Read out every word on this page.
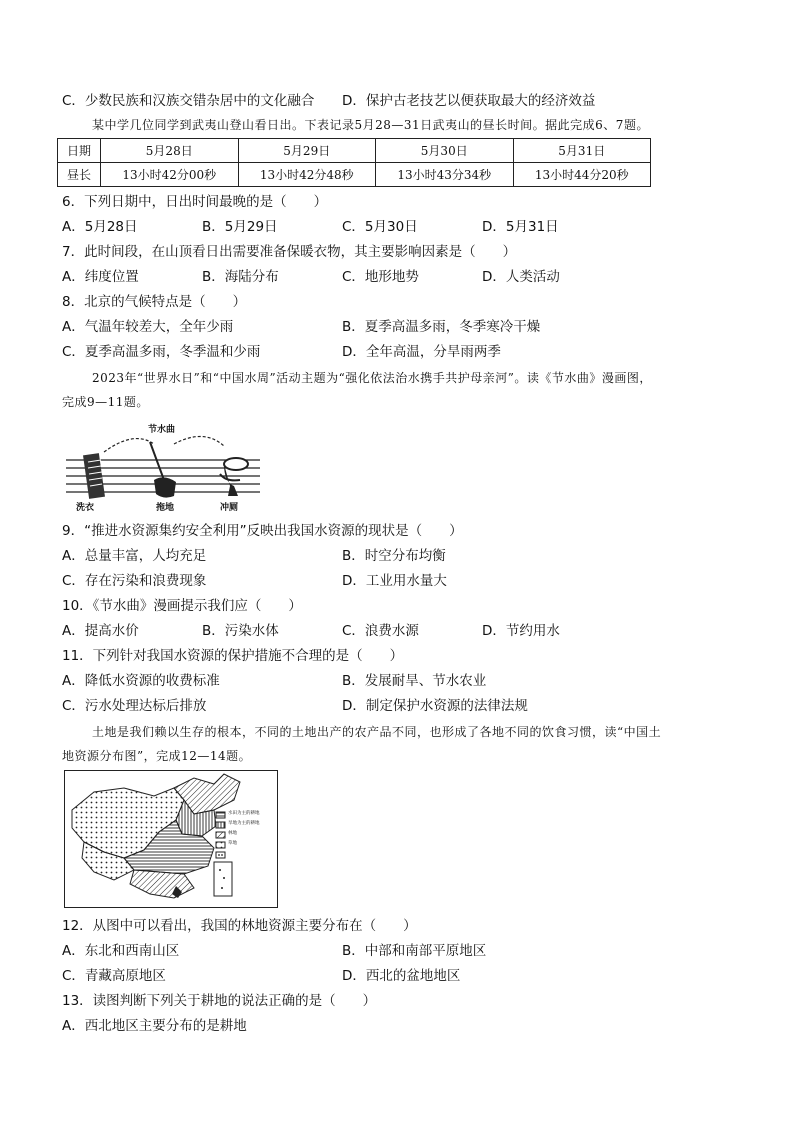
C．少数民族和汉族交错杂居中的文化融合 D．保护古老技艺以便获取最大的经济效益
某中学几位同学到武夷山登山看日出。下表记录5月28—31日武夷山的昼长时间。据此完成6、7题。
日期	5月28日	5月29日	5月30日	5月31日
昼长	13小时42分00秒	13小时42分48秒	13小时43分34秒	13小时44分20秒
6．下列日期中，日出时间最晚的是（　　）
A．5月28日	B．5月29日	C．5月30日	D．5月31日
7．此时间段，在山顶看日出需要准备保暖衣物，其主要影响因素是（　　）
A．纬度位置	B．海陆分布	C．地形地势	D．人类活动
8．北京的气候特点是（　　）
A．气温年较差大，全年少雨	B．夏季高温多雨，冬季寒冷干燥
C．夏季高温多雨，冬季温和少雨	D．全年高温，分旱雨两季
2023年“世界水日”和“中国水周”活动主题为“强化依法治水携手共护母亲河”。读《节水曲》漫画图，
完成9—11题。
节水曲
洗衣	拖地	冲厕
9．“推进水资源集约安全利用”反映出我国水资源的现状是（　　）
A．总量丰富，人均充足	B．时空分布均衡
C．存在污染和浪费现象	D．工业用水量大
10．《节水曲》漫画提示我们应（　　）
A．提高水价	B．污染水体	C．浪费水源	D．节约用水
11．下列针对我国水资源的保护措施不合理的是（　　）
A．降低水资源的收费标准	B．发展耐旱、节水农业
C．污水处理达标后排放	D．制定保护水资源的法律法规
土地是我们赖以生存的根本，不同的土地出产的农产品不同，也形成了各地不同的饮食习惯，读“中国土
地资源分布图”，完成12—14题。
水田为主的耕地
旱地为主的耕地
林地
草地
12．从图中可以看出，我国的林地资源主要分布在（　　）
A．东北和西南山区	B．中部和南部平原地区
C．青藏高原地区	D．西北的盆地地区
13．读图判断下列关于耕地的说法正确的是（　　）
A．西北地区主要分布的是耕地
